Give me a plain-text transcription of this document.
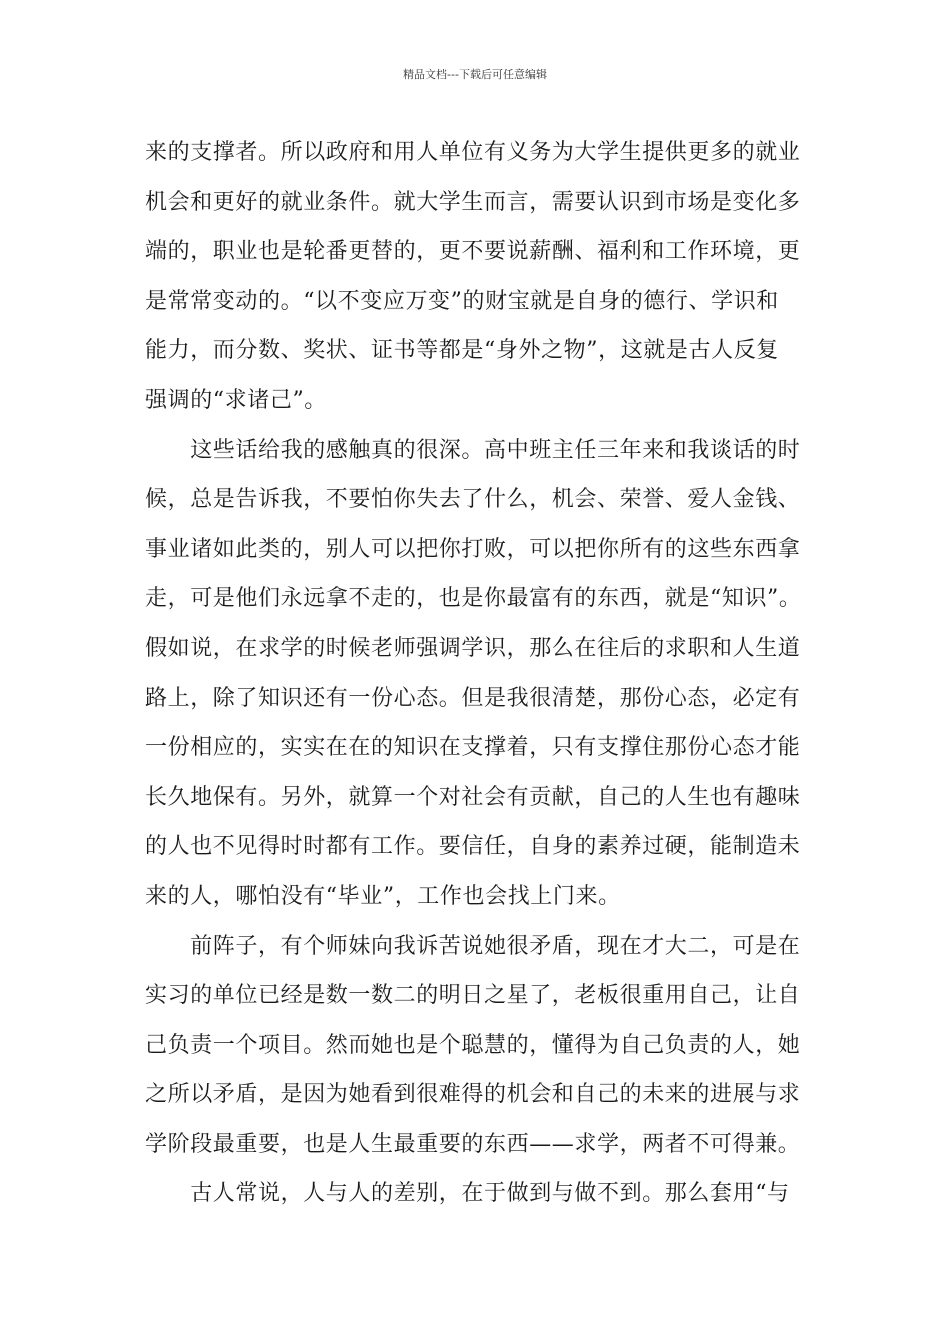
精品文档---下载后可任意编辑
来的支撑者。所以政府和用人单位有义务为大学生提供更多的就业
机会和更好的就业条件。就大学生而言，需要认识到市场是变化多
端的，职业也是轮番更替的，更不要说薪酬、福利和工作环境，更
是常常变动的。“以不变应万变”的财宝就是自身的德行、学识和
能力，而分数、奖状、证书等都是“身外之物”，这就是古人反复
强调的“求诸己”。
　　这些话给我的感触真的很深。高中班主任三年来和我谈话的时
候，总是告诉我，不要怕你失去了什么，机会、荣誉、爱人金钱、
事业诸如此类的，别人可以把你打败，可以把你所有的这些东西拿
走，可是他们永远拿不走的，也是你最富有的东西，就是“知识”。
假如说，在求学的时候老师强调学识，那么在往后的求职和人生道
路上，除了知识还有一份心态。但是我很清楚，那份心态，必定有
一份相应的，实实在在的知识在支撑着，只有支撑住那份心态才能
长久地保有。另外，就算一个对社会有贡献，自己的人生也有趣味
的人也不见得时时都有工作。要信任，自身的素养过硬，能制造未
来的人，哪怕没有“毕业”，工作也会找上门来。
　　前阵子，有个师妹向我诉苦说她很矛盾，现在才大二，可是在
实习的单位已经是数一数二的明日之星了，老板很重用自己，让自
己负责一个项目。然而她也是个聪慧的，懂得为自己负责的人，她
之所以矛盾，是因为她看到很难得的机会和自己的未来的进展与求
学阶段最重要，也是人生最重要的东西——求学，两者不可得兼。
　　古人常说，人与人的差别，在于做到与做不到。那么套用“与
